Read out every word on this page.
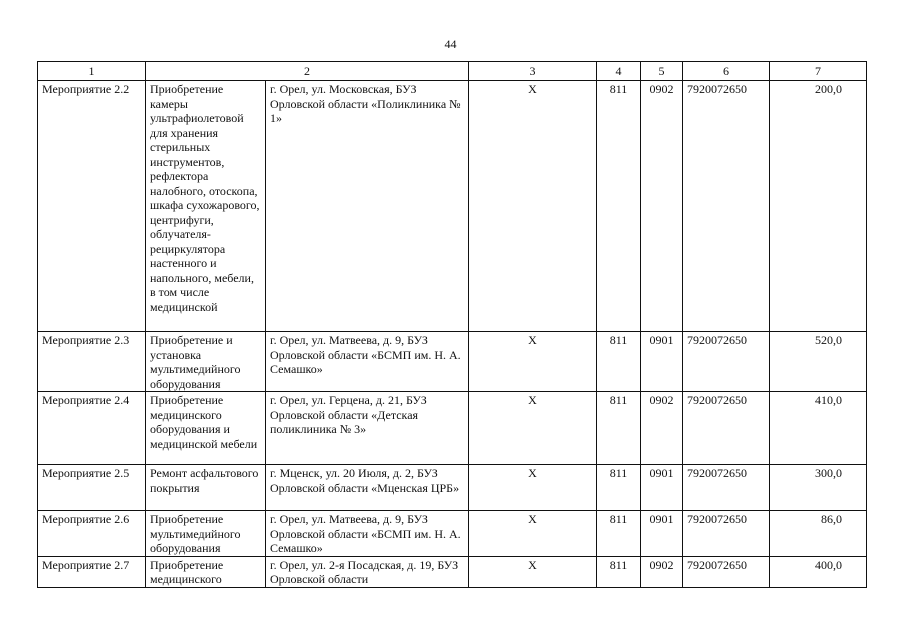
44
1	2		3	4	5	6	7
Мероприятие 2.2	Приобретение камеры ультрафиолетовой для хранения стерильных инструментов, рефлектора налобного, отоскопа, шкафа сухожарового, центрифуги, облучателя-рециркулятора настенного и напольного, мебели, в том числе медицинской	г. Орел, ул. Московская, БУЗ Орловской области «Поликлиника № 1»	X	811	0902	7920072650	200,0
Мероприятие 2.3	Приобретение и установка мультимедийного оборудования	г. Орел, ул. Матвеева, д. 9, БУЗ Орловской области «БСМП им. Н. А. Семашко»	X	811	0901	7920072650	520,0
Мероприятие 2.4	Приобретение медицинского оборудования и медицинской мебели	г. Орел, ул. Герцена, д. 21, БУЗ Орловской области «Детская поликлиника № 3»	X	811	0902	7920072650	410,0
Мероприятие 2.5	Ремонт асфальтового покрытия	г. Мценск, ул. 20 Июля, д. 2, БУЗ Орловской области «Мценская ЦРБ»	X	811	0901	7920072650	300,0
Мероприятие 2.6	Приобретение мультимедийного оборудования	г. Орел, ул. Матвеева, д. 9, БУЗ Орловской области «БСМП им. Н. А. Семашко»	X	811	0901	7920072650	86,0
Мероприятие 2.7	Приобретение медицинского	г. Орел, ул. 2-я Посадская, д. 19, БУЗ Орловской области	X	811	0902	7920072650	400,0
